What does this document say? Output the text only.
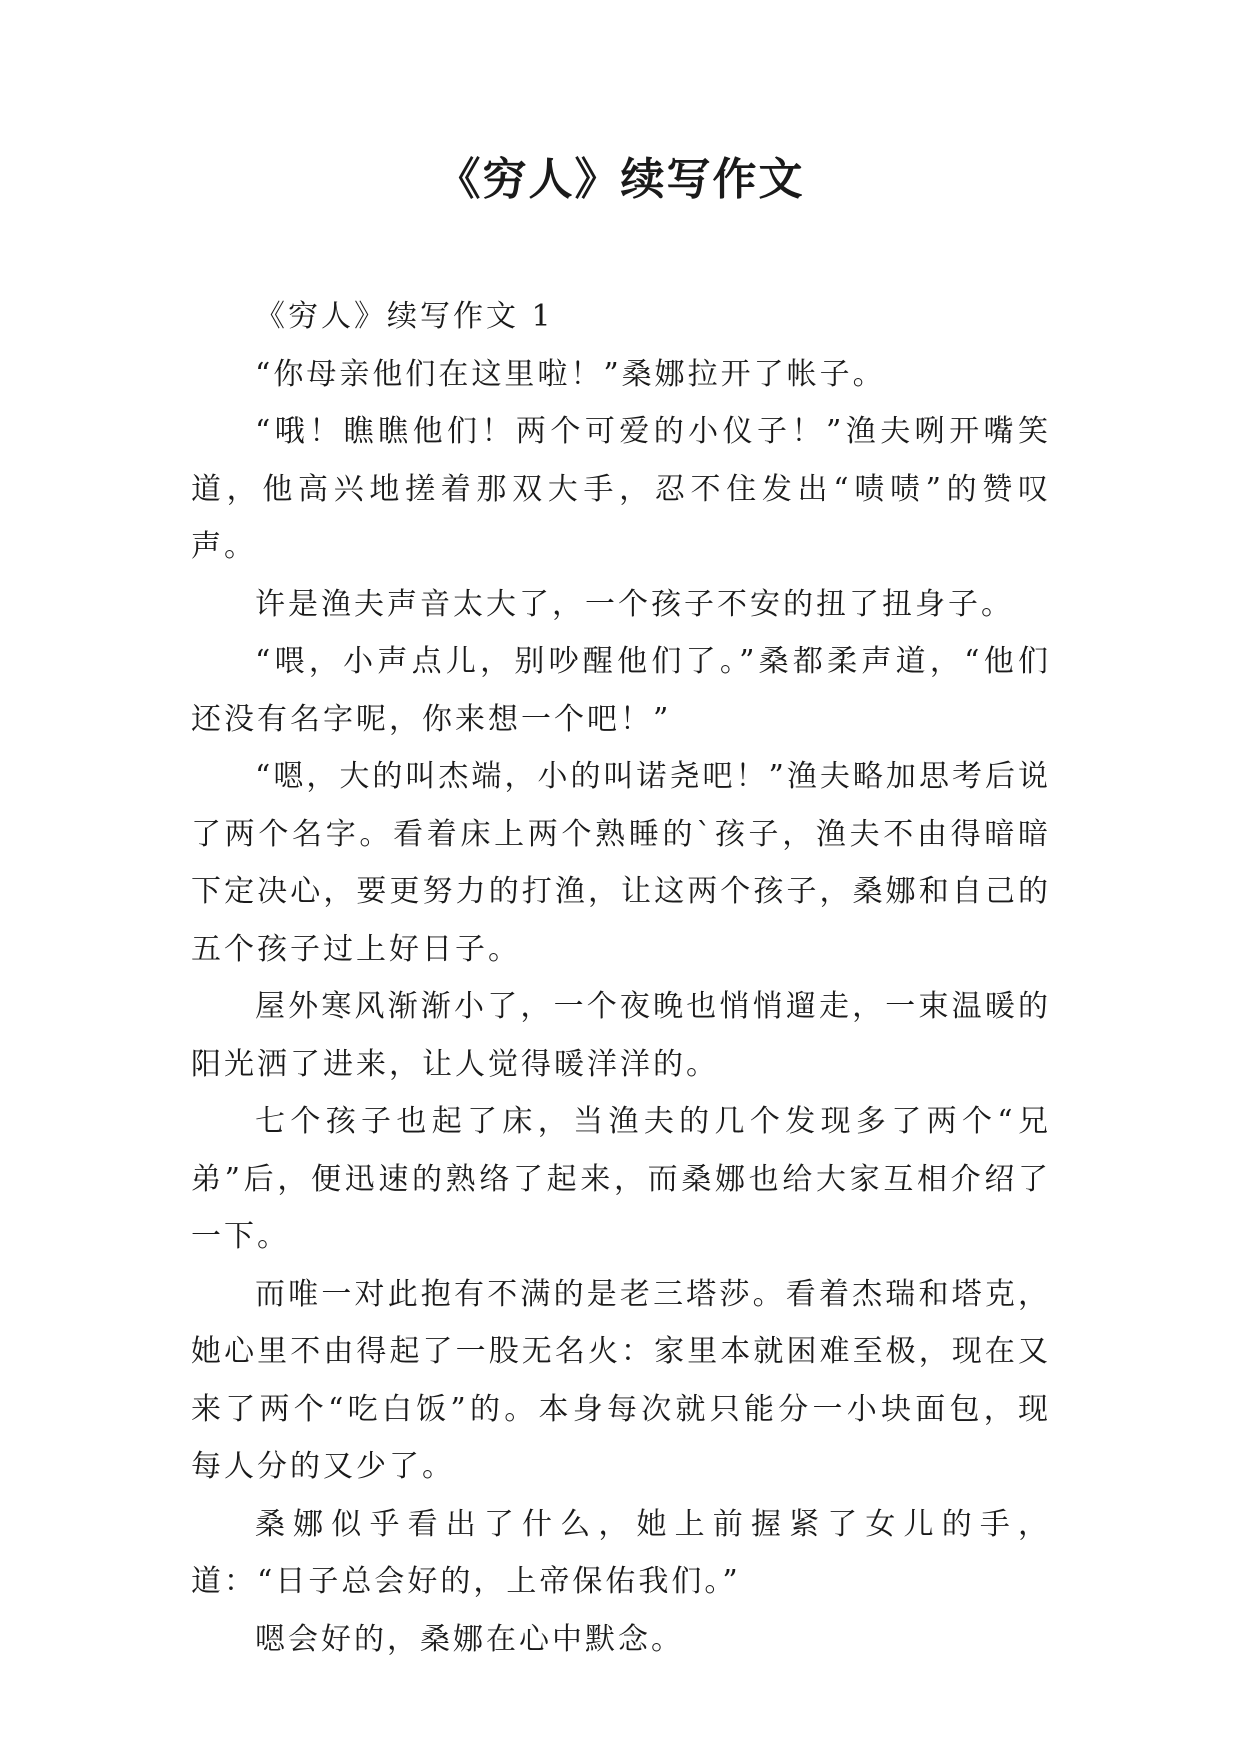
《穷人》续写作文

《穷人》续写作文 1

“你母亲他们在这里啦！”桑娜拉开了帐子。

“哦！瞧瞧他们！两个可爱的小仪子！”渔夫咧开嘴笑道，他高兴地搓着那双大手，忍不住发出“啧啧”的赞叹声。

许是渔夫声音太大了，一个孩子不安的扭了扭身子。

“喂，小声点儿，别吵醒他们了。”桑都柔声道，“他们还没有名字呢，你来想一个吧！”

“嗯，大的叫杰端，小的叫诺尧吧！”渔夫略加思考后说了两个名字。看着床上两个熟睡的`孩子，渔夫不由得暗暗下定决心，要更努力的打渔，让这两个孩子，桑娜和自己的五个孩子过上好日子。

屋外寒风渐渐小了，一个夜晚也悄悄遛走，一束温暖的阳光洒了进来，让人觉得暖洋洋的。

七个孩子也起了床，当渔夫的几个发现多了两个“兄弟”后，便迅速的熟络了起来，而桑娜也给大家互相介绍了一下。

而唯一对此抱有不满的是老三塔莎。看着杰瑞和塔克，她心里不由得起了一股无名火：家里本就困难至极，现在又来了两个“吃白饭”的。本身每次就只能分一小块面包，现每人分的又少了。

桑娜似乎看出了什么，她上前握紧了女儿的手，道：“日子总会好的，上帝保佑我们。”

嗯会好的，桑娜在心中默念。
